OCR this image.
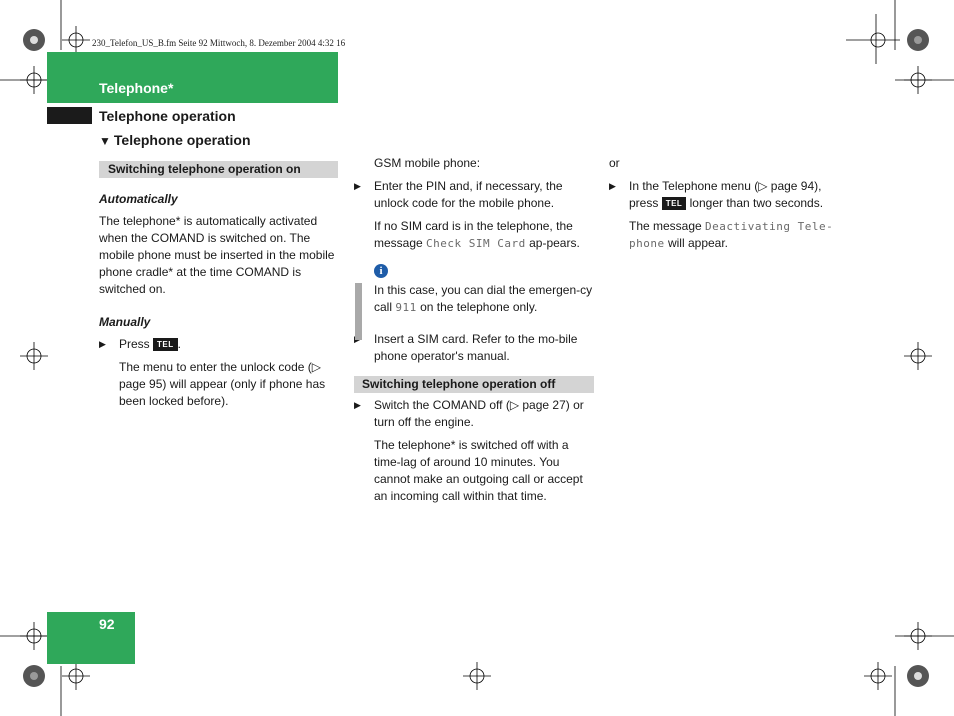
230_Telefon_US_B.fm Seite 92 Mittwoch, 8. Dezember 2004 4:32 16
Telephone*
Telephone operation
▼ Telephone operation
Switching telephone operation on
Automatically

The telephone* is automatically activated when the COMAND is switched on. The mobile phone must be inserted in the mobile phone cradle* at the time COMAND is switched on.

Manually
▶ Press TEL .

The menu to enter the unlock code (▷ page 95) will appear (only if phone has been locked before).

GSM mobile phone:

▶ Enter the PIN and, if necessary, the unlock code for the mobile phone.

If no SIM card is in the telephone, the message Check SIM Card ap-pears.

i

In this case, you can dial the emergen-cy call 911 on the telephone only.

Insert a SIM card. Refer to the mo-bile phone operator's manual.
Switching telephone operation off
▶ Switch the COMAND off (▷ page 27) or turn off the engine.

The telephone* is switched off with a time-lag of around 10 minutes. You cannot make an outgoing call or accept an incoming call within that time.

or

▶ In the Telephone menu (▷ page 94), press TEL longer than two seconds.

The message Deactivating Tele-
phone will appear.

92
